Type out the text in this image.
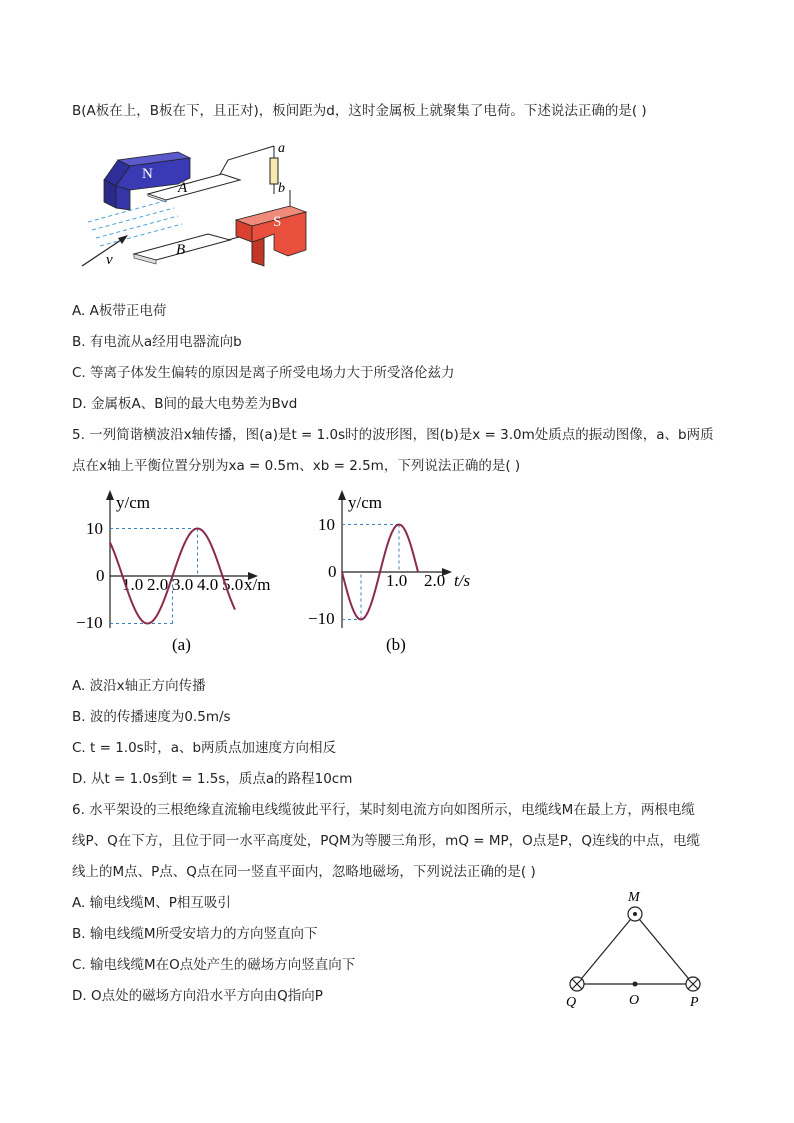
B(A板在上，B板在下，且正对)，板间距为d，这时金属板上就聚集了电荷。下述说法正确的是( )
N
a
b
A
B
S
v
A. A板带正电荷
B. 有电流从a经用电器流向b
C. 等离子体发生偏转的原因是离子所受电场力大于所受洛伦兹力
D. 金属板A、B间的最大电势差为Bvd
5. 一列简谐横波沿x轴传播，图(a)是t = 1.0s时的波形图，图(b)是x = 3.0m处质点的振动图像，a、b两质
点在x轴上平衡位置分别为xa = 0.5m、xb = 2.5m，下列说法正确的是( )
y/cm
x/m
10
0
−10
1.0 2.0 3.0 4.0 5.0
(a)
y/cm
t/s
10
0
−10
1.0 2.0
(b)
A. 波沿x轴正方向传播
B. 波的传播速度为0.5m/s
C. t = 1.0s时，a、b两质点加速度方向相反
D. 从t = 1.0s到t = 1.5s，质点a的路程10cm
6. 水平架设的三根绝缘直流输电线缆彼此平行，某时刻电流方向如图所示，电缆线M在最上方，两根电缆
线P、Q在下方，且位于同一水平高度处，PQM为等腰三角形，mQ = MP，O点是P，Q连线的中点，电缆
线上的M点、P点、Q点在同一竖直平面内，忽略地磁场，下列说法正确的是( )
A. 输电线缆M、P相互吸引
B. 输电线缆M所受安培力的方向竖直向下
C. 输电线缆M在O点处产生的磁场方向竖直向下
D. O点处的磁场方向沿水平方向由Q指向P
M
Q	O	P
